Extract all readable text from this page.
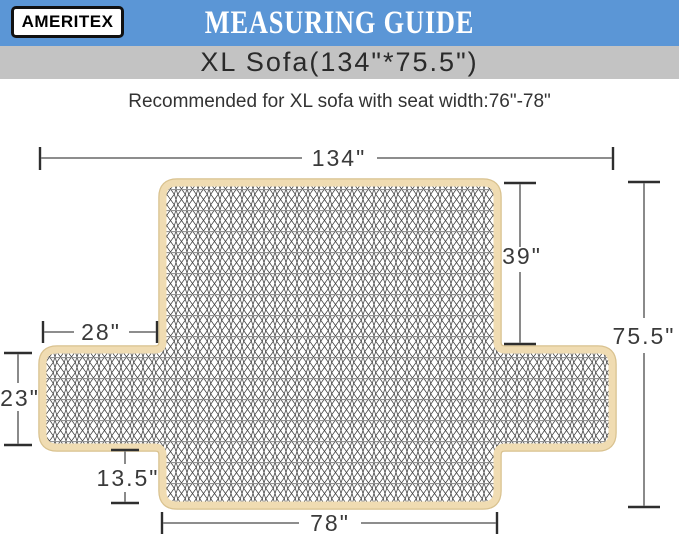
AMERITEX	MEASURING GUIDE
XL Sofa(134"*75.5")
Recommended for XL sofa with seat width:76"-78"
134"
39"
75.5"
28"
23"
13.5"
78"
